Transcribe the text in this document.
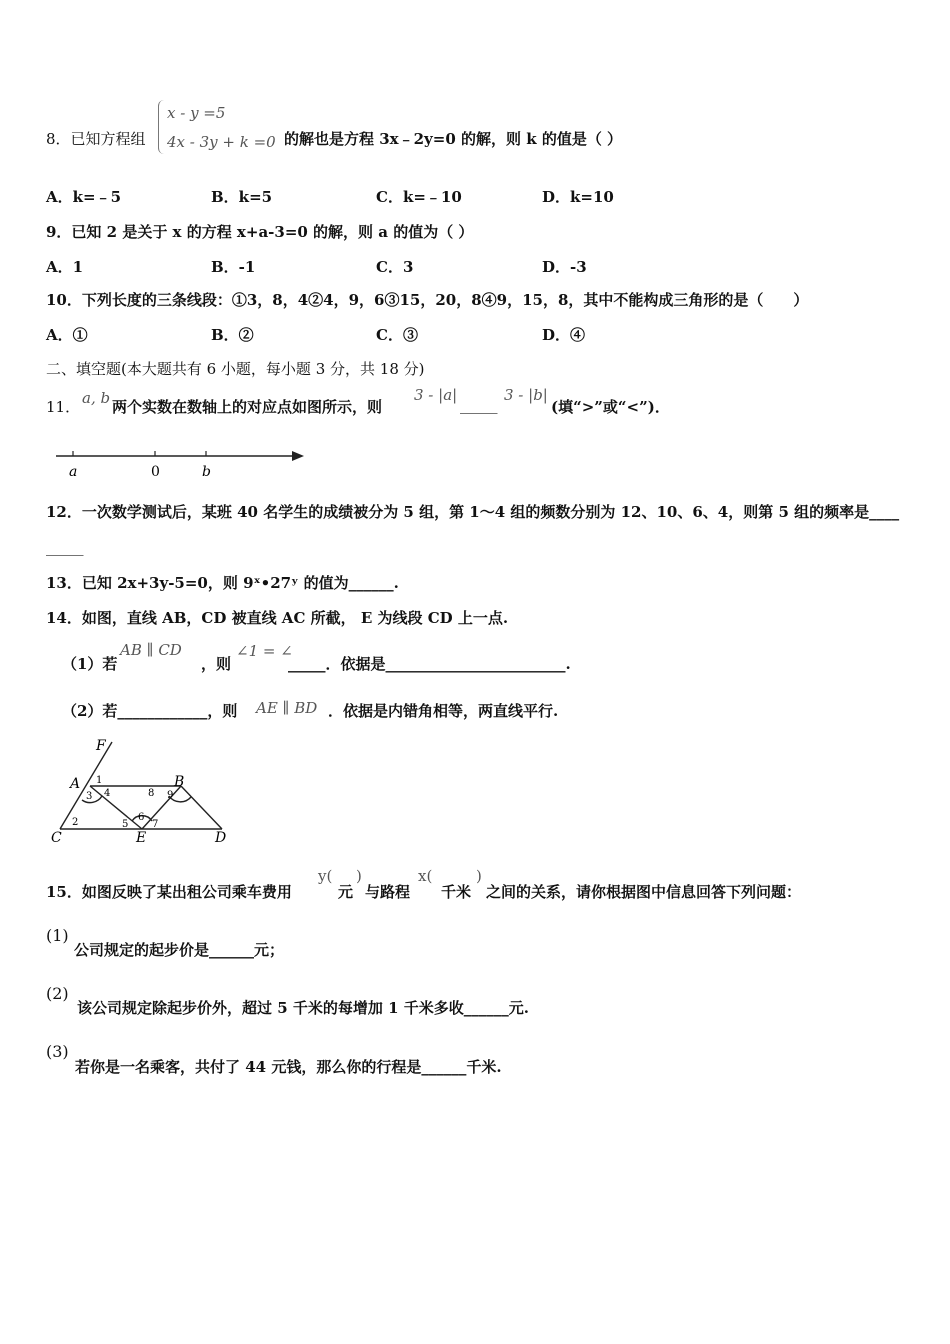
8．已知方程组
x - y =5
4x - 3y + k =0 的解也是方程 3x﹣2y=0 的解，则 k 的值是（ ）
A．k=﹣5	B．k=5	C．k=﹣10	D．k=10
9．已知 2 是关于 x 的方程 x+a-3=0 的解，则 a 的值为（ ）
A．1	B．-1	C．3	D．-3
10．下列长度的三条线段：①3，8，4②4，9，6③15，20，8④9，15，8，其中不能构成三角形的是（　　）
A．①	B．②	C．③	D．④
二、填空题(本大题共有 6 小题，每小题 3 分，共 18 分)
11． a, b 两个实数在数轴上的对应点如图所示，则
3 - |a|
_____
3 - |b|
(填“>”或“<”)．
a	0	b
12．一次数学测试后，某班 40 名学生的成绩被分为 5 组，第 1～4 组的频数分别为 12、10、6、4，则第 5 组的频率是____
_____
13．已知 2x+3y-5=0，则 9ˣ•27ʸ 的值为______.
14．如图，直线 AB，CD 被直线 AC 所截， E 为线段 CD 上一点.
（1）若
AB ∥ CD
，则
∠1 = ∠
_____．依据是________________________.
（2）若____________，则 AE ∥ BD ．依据是内错角相等，两直线平行.
F
A	B
C	D
E
1
2
3 4
5
6
7
8 9
15．如图反映了某出租公司乘车费用
y(
元
)
与路程
x(
千米
)
之间的关系，请你根据图中信息回答下列问题：
(1)
公司规定的起步价是______元；
(2)
该公司规定除起步价外，超过 5 千米的每增加 1 千米多收______元.
(3)
若你是一名乘客，共付了 44 元钱，那么你的行程是______千米.
